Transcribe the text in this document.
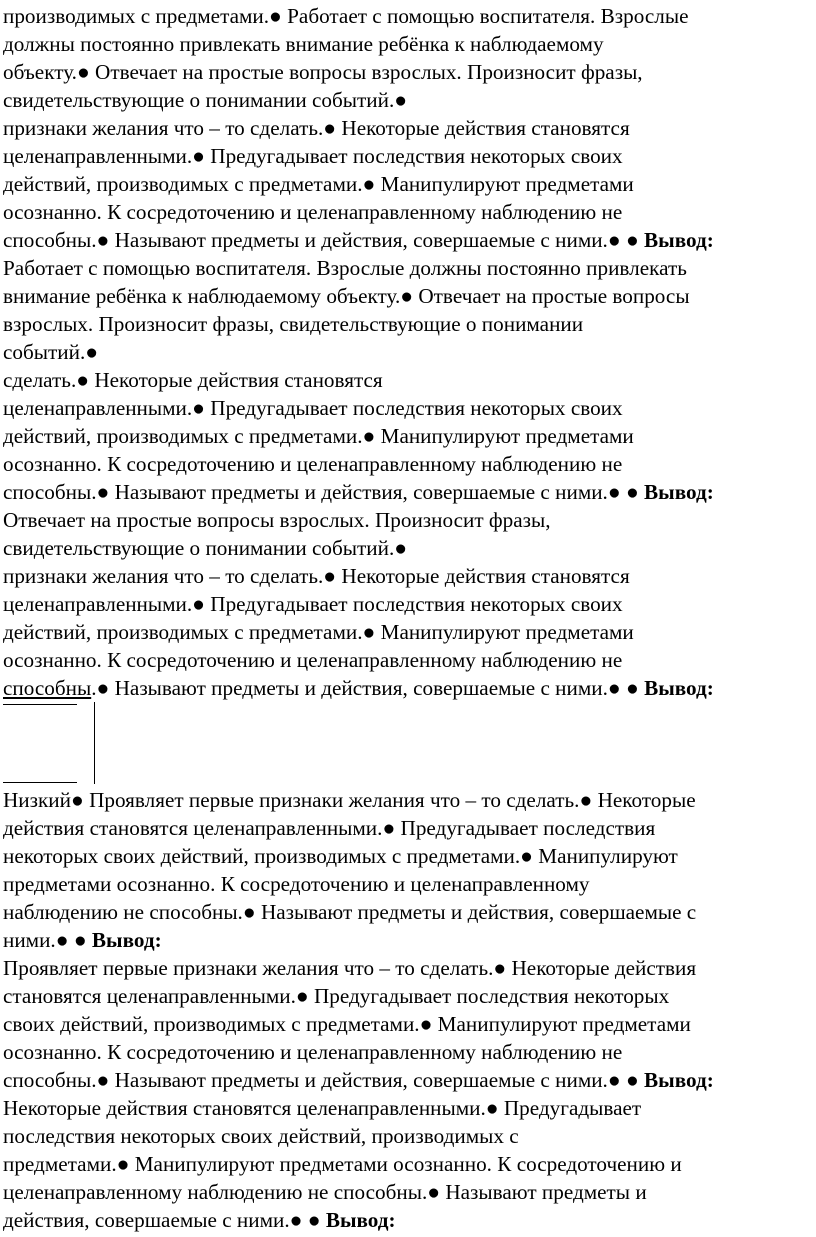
производимых с предметами.● Работает с помощью воспитателя. Взрослые
должны постоянно привлекать внимание ребёнка к наблюдаемому
объекту.● Отвечает на простые вопросы взрослых. Произносит фразы,
свидетельствующие о понимании событий.●
признаки желания что – то сделать.● Некоторые действия становятся
целенаправленными.● Предугадывает последствия некоторых своих
действий, производимых с предметами.● Манипулируют предметами
осознанно. К сосредоточению и целенаправленному наблюдению не
способны.● Называют предметы и действия, совершаемые с ними.● ● Вывод:
Работает с помощью воспитателя. Взрослые должны постоянно привлекать
внимание ребёнка к наблюдаемому объекту.● Отвечает на простые вопросы
взрослых. Произносит фразы, свидетельствующие о понимании
событий.●
сделать.● Некоторые действия становятся
целенаправленными.● Предугадывает последствия некоторых своих
действий, производимых с предметами.● Манипулируют предметами
осознанно. К сосредоточению и целенаправленному наблюдению не
способны.● Называют предметы и действия, совершаемые с ними.● ● Вывод:
Отвечает на простые вопросы взрослых. Произносит фразы,
свидетельствующие о понимании событий.●
признаки желания что – то сделать.● Некоторые действия становятся
целенаправленными.● Предугадывает последствия некоторых своих
действий, производимых с предметами.● Манипулируют предметами
осознанно. К сосредоточению и целенаправленному наблюдению не
способны.● Называют предметы и действия, совершаемые с ними.● ● Вывод:
Низкий● Проявляет первые признаки желания что – то сделать.● Некоторые
действия становятся целенаправленными.● Предугадывает последствия
некоторых своих действий, производимых с предметами.● Манипулируют
предметами осознанно. К сосредоточению и целенаправленному
наблюдению не способны.● Называют предметы и действия, совершаемые с
ними.● ● Вывод:
Проявляет первые признаки желания что – то сделать.● Некоторые действия
становятся целенаправленными.● Предугадывает последствия некоторых
своих действий, производимых с предметами.● Манипулируют предметами
осознанно. К сосредоточению и целенаправленному наблюдению не
способны.● Называют предметы и действия, совершаемые с ними.● ● Вывод:
Некоторые действия становятся целенаправленными.● Предугадывает
последствия некоторых своих действий, производимых с
предметами.● Манипулируют предметами осознанно. К сосредоточению и
целенаправленному наблюдению не способны.● Называют предметы и
действия, совершаемые с ними.● ● Вывод:
